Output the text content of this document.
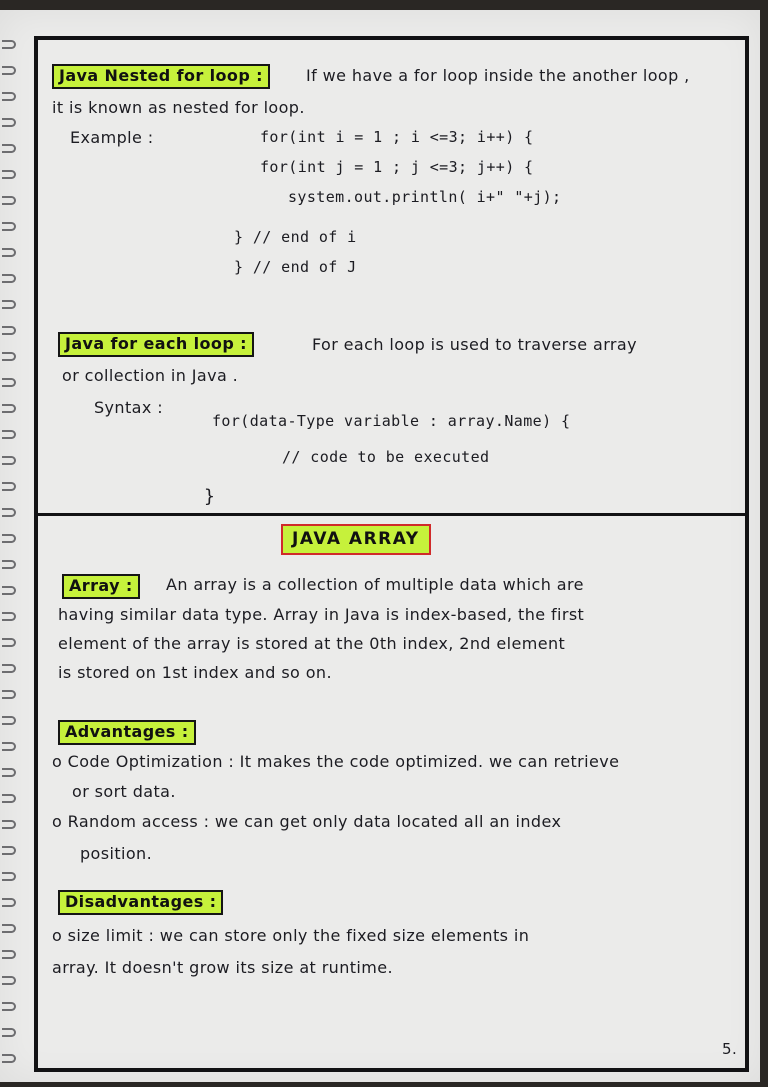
Java Nested for loop :	If we have a for loop inside the another loop ,
it is known as nested for loop.
Example :	for(int i = 1 ; i <=3; i++) {
for(int j = 1 ; j <=3; j++) {
system.out.println( i+" "+j);
} // end of i
} // end of J
Java for each loop :	For each loop is used to traverse array
or collection in Java .
Syntax :
for(data-Type variable : array.Name) {
// code to be executed
}
JAVA ARRAY
Array :	An array is a collection of multiple data which are
having similar data type. Array in Java is index-based, the first
element of the array is stored at the 0th index, 2nd element
is stored on 1st index and so on.
Advantages :
o Code Optimization : It makes the code optimized. we can retrieve
or sort data.
o Random access : we can get only data located all an index
position.
Disadvantages :
o size limit : we can store only the fixed size elements in
array. It doesn't grow its size at runtime.
5.
